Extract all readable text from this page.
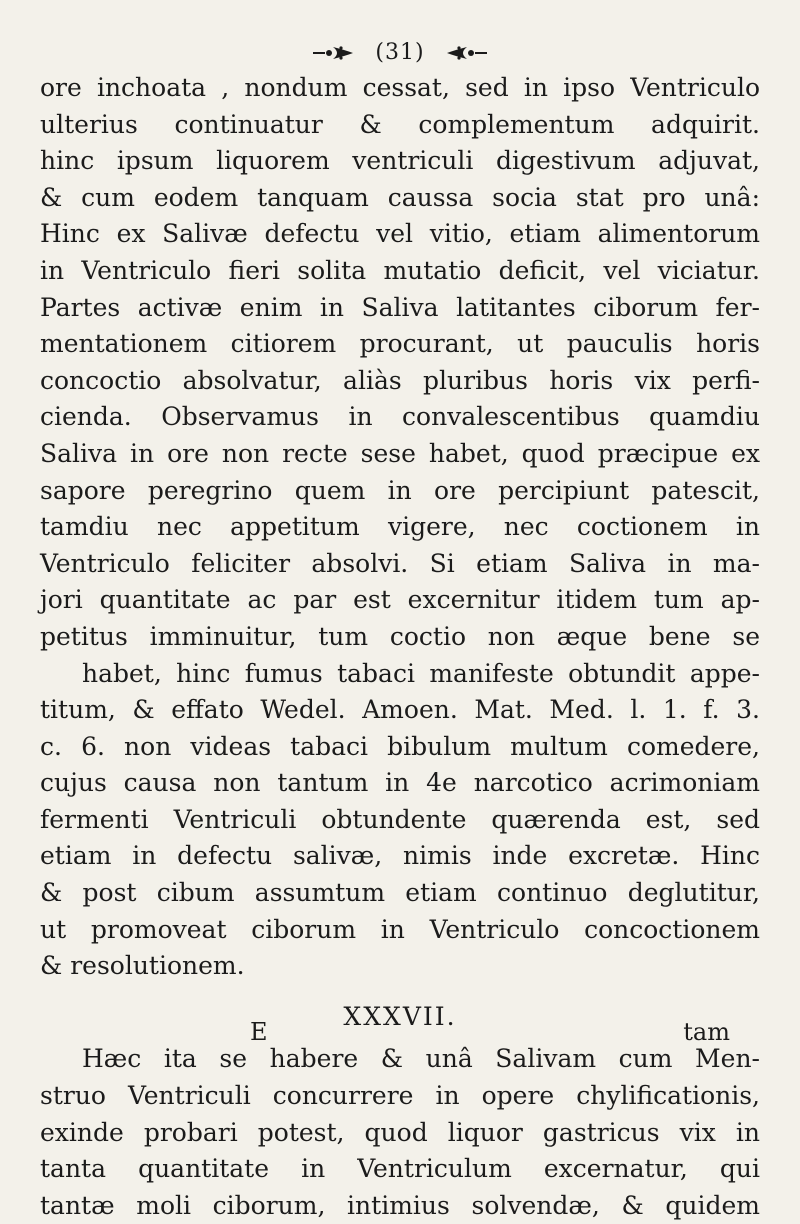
(31)
ore inchoata , nondum cessat, sed in ipso Ventriculo
ulterius continuatur & complementum adquirit.
hinc ipsum liquorem ventriculi digestivum adjuvat,
& cum eodem tanquam caussa socia stat pro unâ:
Hinc ex Salivæ defectu vel vitio, etiam alimentorum
in Ventriculo fieri solita mutatio deficit, vel viciatur.
Partes activæ enim in Saliva latitantes ciborum fer-
mentationem citiorem procurant, ut pauculis horis
concoctio absolvatur, aliàs pluribus horis vix perfi-
cienda. Observamus in convalescentibus quamdiu
Saliva in ore non recte sese habet, quod præcipue ex
sapore peregrino quem in ore percipiunt patescit,
tamdiu nec appetitum vigere, nec coctionem in
Ventriculo feliciter absolvi. Si etiam Saliva in ma-
jori quantitate ac par est excernitur itidem tum ap-
petitus imminuitur, tum coctio non æque bene se
habet, hinc fumus tabaci manifeste obtundit appe-
titum, & effato Wedel. Amoen. Mat. Med. l. 1. f. 3.
c. 6. non videas tabaci bibulum multum comedere,
cujus causa non tantum in 4e narcotico acrimoniam
fermenti Ventriculi obtundente quærenda est, sed
etiam in defectu salivæ, nimis inde excretæ. Hinc
& post cibum assumtum etiam continuo deglutitur,
ut promoveat ciborum in Ventriculo concoctionem
& resolutionem.
XXXVII.
Hæc ita se habere & unâ Salivam cum Men-
struo Ventriculi concurrere in opere chylificationis,
exinde probari potest, quod liquor gastricus vix in
tanta quantitate in Ventriculum excernatur, qui
tantæ moli ciborum, intimius solvendæ, & quidem
E	tam
